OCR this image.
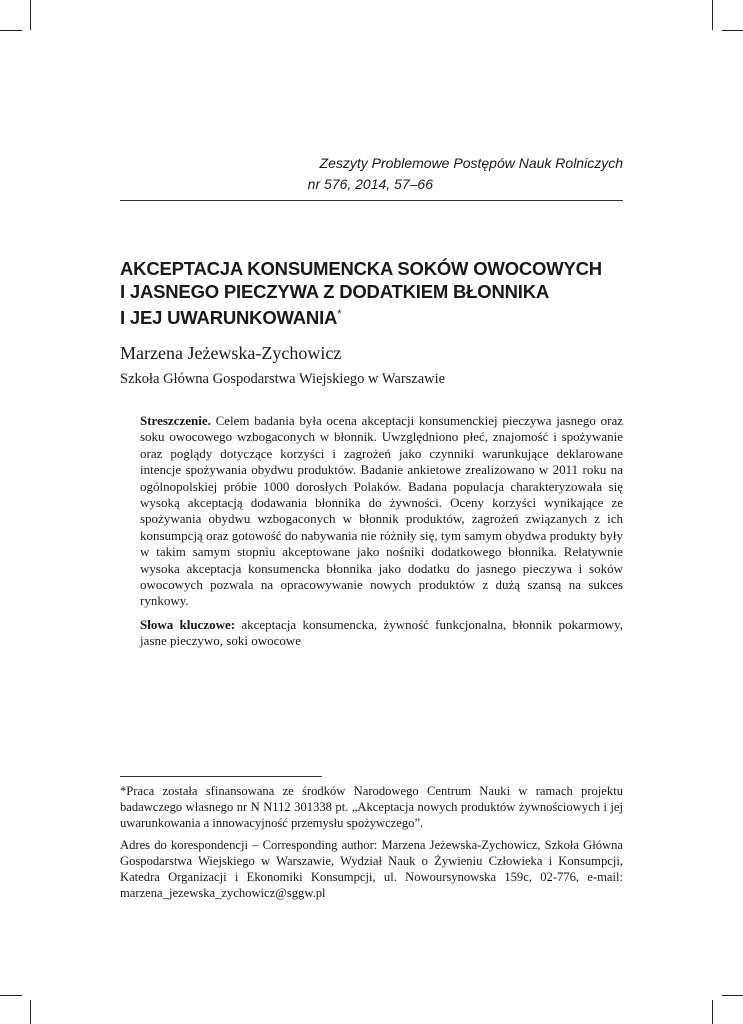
Zeszyty Problemowe Postępów Nauk Rolniczych
nr 576, 2014, 57–66
AKCEPTACJA KONSUMENCKA SOKÓW OWOCOWYCH
I JASNEGO PIECZYWA Z DODATKIEM BŁONNIKA
I JEJ UWARUNKOWANIA*
Marzena Jeżewska-Zychowicz
Szkoła Główna Gospodarstwa Wiejskiego w Warszawie

Streszczenie. Celem badania była ocena akceptacji konsumenckiej pieczywa jasnego oraz soku owocowego wzbogaconych w błonnik. Uwzględniono płeć, znajomość i spożywanie oraz poglądy dotyczące korzyści i zagrożeń jako czynniki warunkujące deklarowane intencje spożywania obydwu produktów. Badanie ankietowe zrealizowano w 2011 roku na ogólnopolskiej próbie 1000 dorosłych Polaków. Badana populacja charakteryzowała się wysoką akceptacją dodawania błonnika do żywności. Oceny korzyści wynikające ze spożywania obydwu wzbogaconych w błonnik produktów, zagrożeń związanych z ich konsumpcją oraz gotowość do nabywania nie różniły się, tym samym obydwa produkty były w takim samym stopniu akceptowane jako nośniki dodatkowego błonnika. Relatywnie wysoka akceptacja konsumencka błonnika jako dodatku do jasnego pieczywa i soków owocowych pozwala na opracowywanie nowych produktów z dużą szansą na sukces rynkowy.

Słowa kluczowe: akceptacja konsumencka, żywność funkcjonalna, błonnik pokarmowy, jasne pieczywo, soki owocowe

*Praca została sfinansowana ze środków Narodowego Centrum Nauki w ramach projektu badawczego własnego nr N N112 301338 pt. „Akceptacja nowych produktów żywnościowych i jej uwarunkowania a innowacyjność przemysłu spożywczego”.

Adres do korespondencji – Corresponding author: Marzena Jeżewska-Zychowicz, Szkoła Główna Gospodarstwa Wiejskiego w Warszawie, Wydział Nauk o Żywieniu Człowieka i Konsumpcji, Katedra Organizacji i Ekonomiki Konsumpcji, ul. Nowoursynowska 159c, 02-776, e-mail: marzena_jezewska_zychowicz@sggw.pl
